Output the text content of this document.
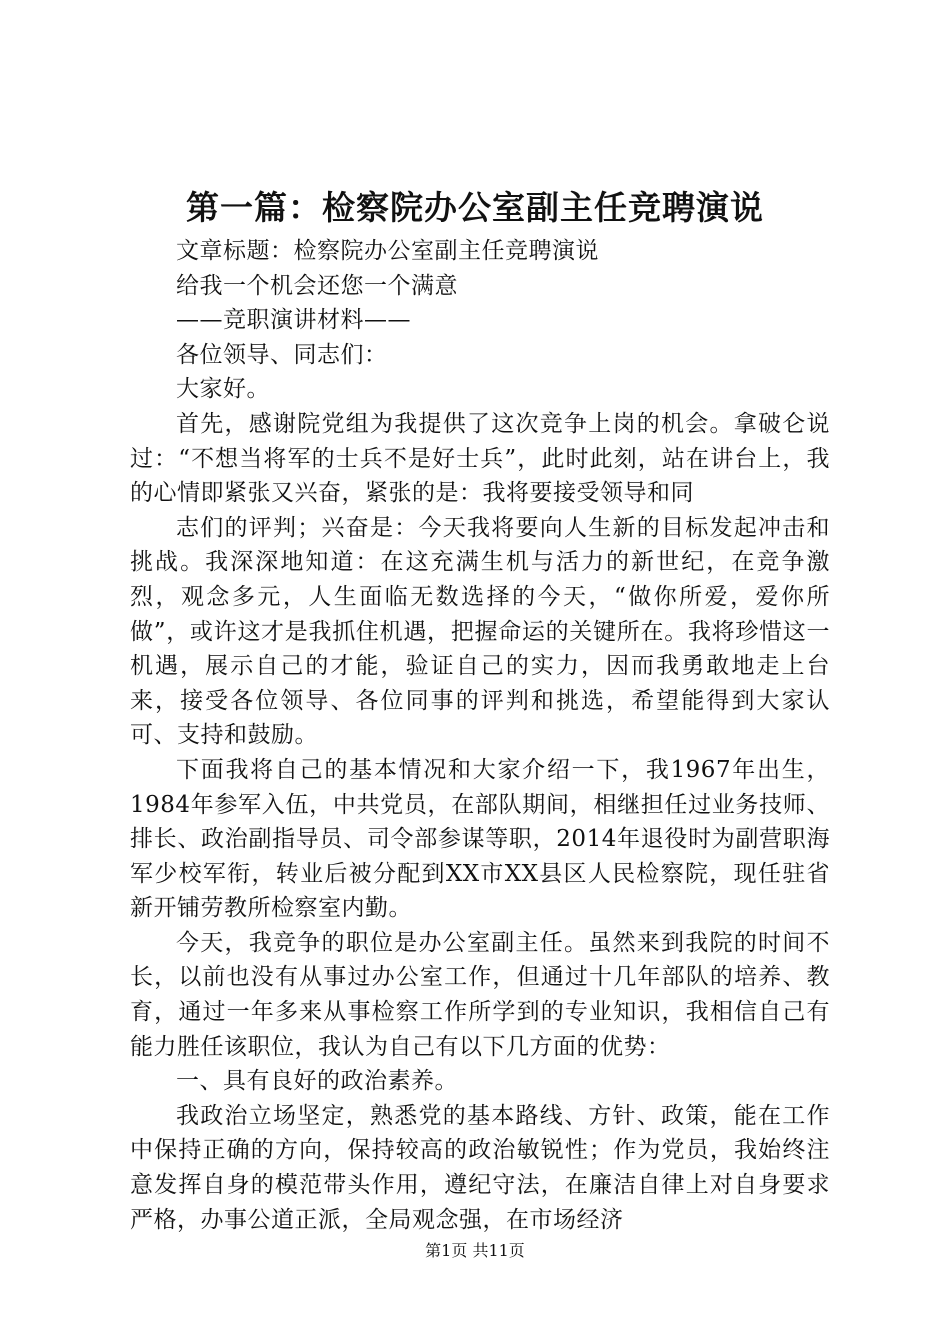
第一篇：检察院办公室副主任竞聘演说

文章标题：检察院办公室副主任竞聘演说

给我一个机会还您一个满意

——竞职演讲材料——

各位领导、同志们：

大家好。

首先，感谢院党组为我提供了这次竞争上岗的机会。拿破仑说过：“不想当将军的士兵不是好士兵”，此时此刻，站在讲台上，我的心情即紧张又兴奋，紧张的是：我将要接受领导和同

志们的评判；兴奋是：今天我将要向人生新的目标发起冲击和挑战。我深深地知道：在这充满生机与活力的新世纪，在竞争激烈，观念多元，人生面临无数选择的今天，“做你所爱，爱你所做”，或许这才是我抓住机遇，把握命运的关键所在。我将珍惜这一机遇，展示自己的才能，验证自己的实力，因而我勇敢地走上台来，接受各位领导、各位同事的评判和挑选，希望能得到大家认可、支持和鼓励。

下面我将自己的基本情况和大家介绍一下，我1967年出生，1984年参军入伍，中共党员，在部队期间，相继担任过业务技师、排长、政治副指导员、司令部参谋等职，2014年退役时为副营职海军少校军衔，转业后被分配到XX市XX县区人民检察院，现任驻省新开铺劳教所检察室内勤。

今天，我竞争的职位是办公室副主任。虽然来到我院的时间不长，以前也没有从事过办公室工作，但通过十几年部队的培养、教育，通过一年多来从事检察工作所学到的专业知识，我相信自己有能力胜任该职位，我认为自己有以下几方面的优势：

一、具有良好的政治素养。

我政治立场坚定，熟悉党的基本路线、方针、政策，能在工作中保持正确的方向，保持较高的政治敏锐性；作为党员，我始终注意发挥自身的模范带头作用，遵纪守法，在廉洁自律上对自身要求严格，办事公道正派，全局观念强，在市场经济

第1页 共11页
